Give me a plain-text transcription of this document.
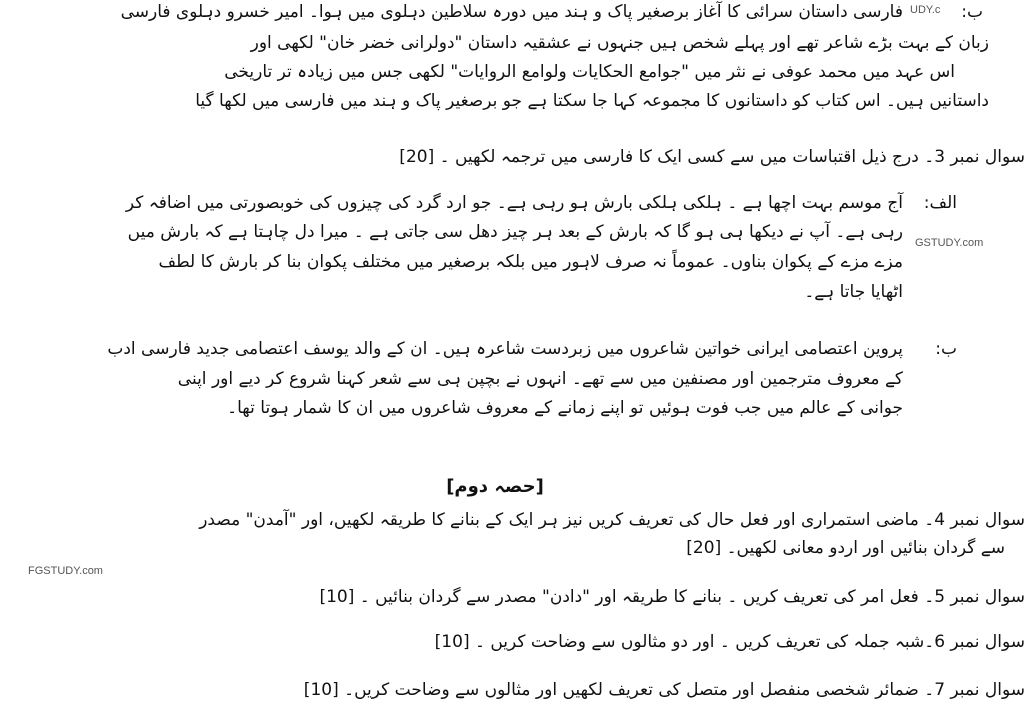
UDY.c
GSTUDY.com
FGSTUDY.com
ب:
فارسی داستان سرائی کا آغاز برصغیر پاک و ہند میں دورہ سلاطین دہلوی میں ہوا۔ امیر خسرو دہلوی فارسی
زبان کے بہت بڑے شاعر تھے اور پہلے شخص ہیں جنہوں نے عشقیہ داستان "دولرانی خضر خان" لکھی اور
اس عہد میں محمد عوفی نے نثر میں "جوامع الحکایات ولوامع الروایات" لکھی جس میں زیادہ تر تاریخی
داستانیں ہیں۔ اس کتاب کو داستانوں کا مجموعہ کہا جا سکتا ہے جو برصغیر پاک و ہند میں فارسی میں لکھا گیا
سوال نمبر 3۔ درج ذیل اقتباسات میں سے کسی ایک کا فارسی میں ترجمہ لکھیں ۔ [20]
الف:
آج موسم بہت اچھا ہے ۔ ہلکی ہلکی بارش ہو رہی ہے۔ جو ارد گرد کی چیزوں کی خوبصورتی میں اضافہ کر
رہی ہے۔ آپ نے دیکھا ہی ہو گا کہ بارش کے بعد ہر چیز دھل سی جاتی ہے ۔ میرا دل چاہتا ہے کہ بارش میں
مزے مزے کے پکوان بناوں۔ عموماً نہ صرف لاہور میں بلکہ برصغیر میں مختلف پکوان بنا کر بارش کا لطف
اٹھایا جاتا ہے۔
ب:
پروین اعتصامی ایرانی خواتین شاعروں میں زبردست شاعرہ ہیں۔ ان کے والد یوسف اعتصامی جدید فارسی ادب
کے معروف مترجمین اور مصنفین میں سے تھے۔ انہوں نے بچپن ہی سے شعر کہنا شروع کر دیے اور اپنی
جوانی کے عالم میں جب فوت ہوئیں تو اپنے زمانے کے معروف شاعروں میں ان کا شمار ہوتا تھا۔
[حصہ دوم]
سوال نمبر 4۔ ماضی استمراری اور فعل حال کی تعریف کریں نیز ہر ایک کے بنانے کا طریقہ لکھیں، اور "آمدن" مصدر
سے گردان بنائیں اور اردو معانی لکھیں۔ [20]
سوال نمبر 5۔ فعل امر کی تعریف کریں ۔ بنانے کا طریقہ اور "دادن" مصدر سے گردان بنائیں ۔ [10]
سوال نمبر 6۔شبہ جملہ کی تعریف کریں ۔ اور دو مثالوں سے وضاحت کریں ۔ [10]
سوال نمبر 7۔ ضمائر شخصی منفصل اور متصل کی تعریف لکھیں اور مثالوں سے وضاحت کریں۔ [10]
